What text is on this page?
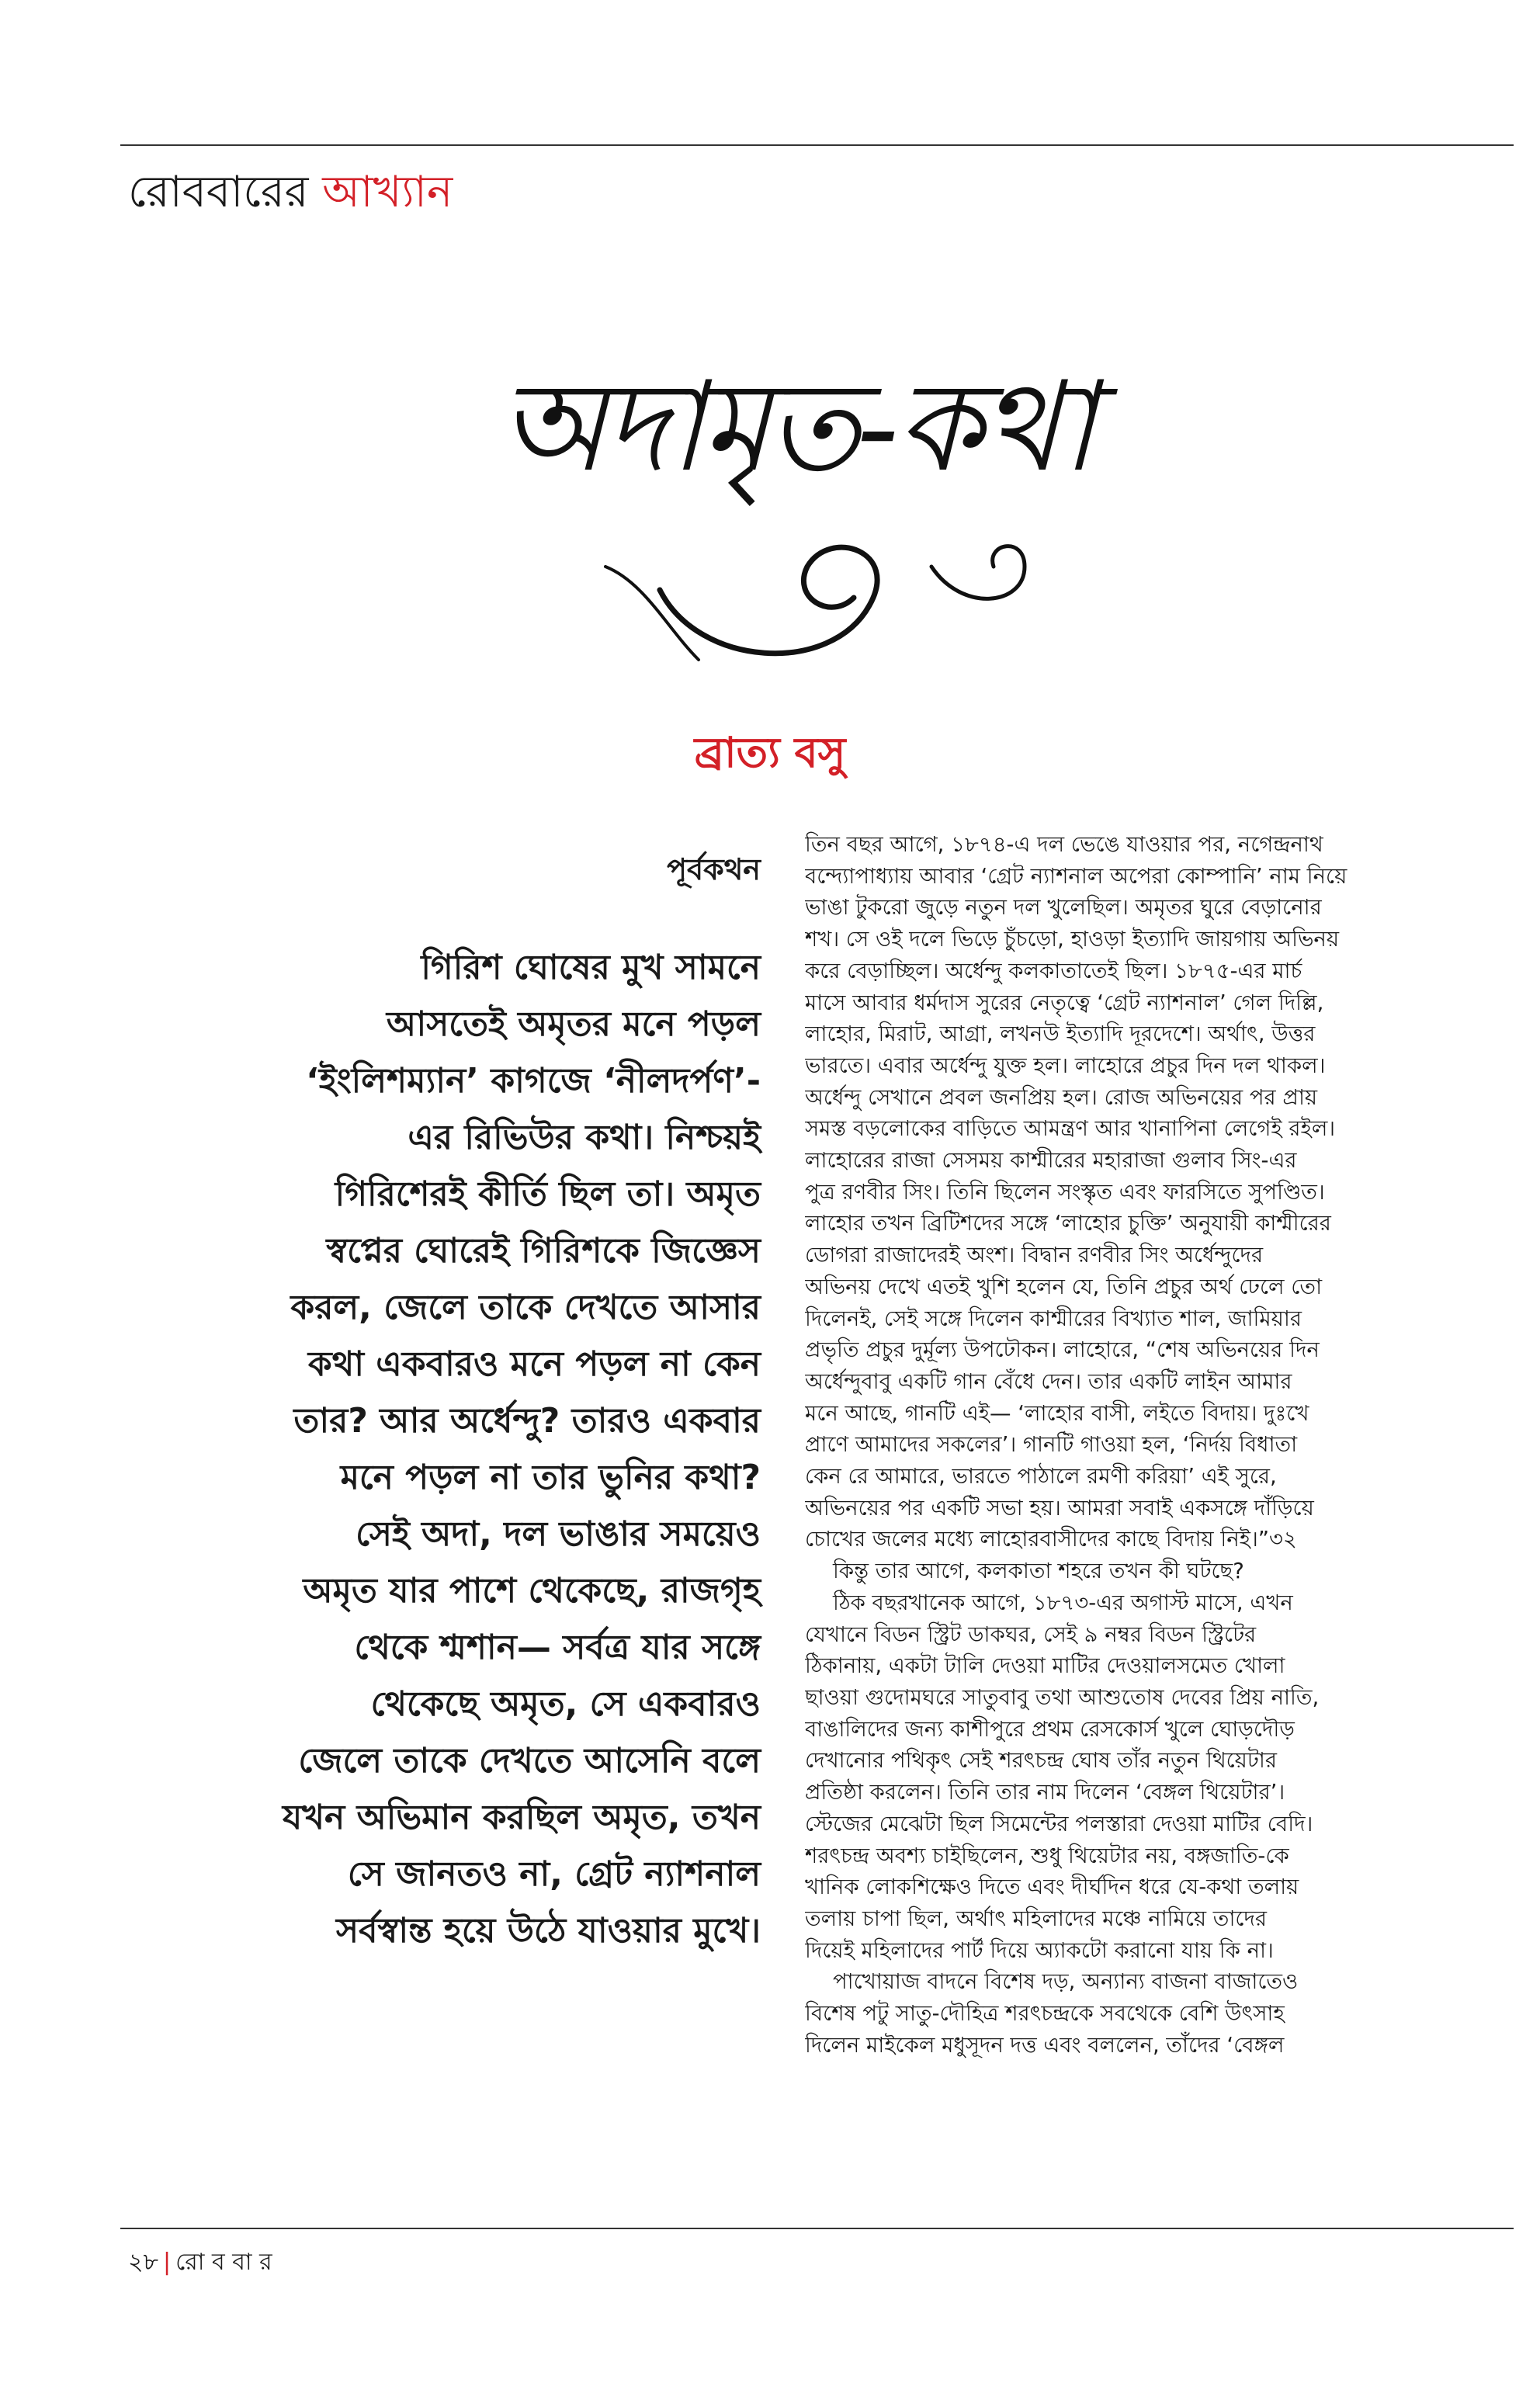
রোববারের আখ্যান
অদামৃত-কথা
ব্রাত্য বসু
পূর্বকথন
গিরিশ ঘোষের মুখ সামনে
আসতেই অমৃতর মনে পড়ল
‘ইংলিশম্যান’ কাগজে ‘নীলদর্পণ’-
এর রিভিউর কথা। নিশ্চয়ই
গিরিশেরই কীর্তি ছিল তা। অমৃত
স্বপ্নের ঘোরেই গিরিশকে জিজ্ঞেস
করল, জেলে তাকে দেখতে আসার
কথা একবারও মনে পড়ল না কেন
তার? আর অর্ধেন্দু? তারও একবার
মনে পড়ল না তার ভুনির কথা?
সেই অদা, দল ভাঙার সময়েও
অমৃত যার পাশে থেকেছে, রাজগৃহ
থেকে শ্মশান— সর্বত্র যার সঙ্গে
থেকেছে অমৃত, সে একবারও
জেলে তাকে দেখতে আসেনি বলে
যখন অভিমান করছিল অমৃত, তখন
সে জানতও না, গ্রেট ন্যাশনাল
সর্বস্বান্ত হয়ে উঠে যাওয়ার মুখে।
তিন বছর আগে, ১৮৭৪-এ দল ভেঙে যাওয়ার পর, নগেন্দ্রনাথ
বন্দ্যোপাধ্যায় আবার ‘গ্রেট ন্যাশনাল অপেরা কোম্পানি’ নাম নিয়ে
ভাঙা টুকরো জুড়ে নতুন দল খুলেছিল। অমৃতর ঘুরে বেড়ানোর
শখ। সে ওই দলে ভিড়ে চুঁচড়ো, হাওড়া ইত্যাদি জায়গায় অভিনয়
করে বেড়াচ্ছিল। অর্ধেন্দু কলকাতাতেই ছিল। ১৮৭৫-এর মার্চ
মাসে আবার ধর্মদাস সুরের নেতৃত্বে ‘গ্রেট ন্যাশনাল’ গেল দিল্লি,
লাহোর, মিরাট, আগ্রা, লখনউ ইত্যাদি দূরদেশে। অর্থাৎ, উত্তর
ভারতে। এবার অর্ধেন্দু যুক্ত হল। লাহোরে প্রচুর দিন দল থাকল।
অর্ধেন্দু সেখানে প্রবল জনপ্রিয় হল। রোজ অভিনয়ের পর প্রায়
সমস্ত বড়লোকের বাড়িতে আমন্ত্রণ আর খানাপিনা লেগেই রইল।
লাহোরের রাজা সেসময় কাশ্মীরের মহারাজা গুলাব সিং-এর
পুত্র রণবীর সিং। তিনি ছিলেন সংস্কৃত এবং ফারসিতে সুপণ্ডিত।
লাহোর তখন ব্রিটিশদের সঙ্গে ‘লাহোর চুক্তি’ অনুযায়ী কাশ্মীরের
ডোগরা রাজাদেরই অংশ। বিদ্বান রণবীর সিং অর্ধেন্দুদের
অভিনয় দেখে এতই খুশি হলেন যে, তিনি প্রচুর অর্থ ঢেলে তো
দিলেনই, সেই সঙ্গে দিলেন কাশ্মীরের বিখ্যাত শাল, জামিয়ার
প্রভৃতি প্রচুর দুর্মূল্য উপঢৌকন। লাহোরে, “শেষ অভিনয়ের দিন
অর্ধেন্দুবাবু একটি গান বেঁধে দেন। তার একটি লাইন আমার
মনে আছে, গানটি এই— ‘লাহোর বাসী, লইতে বিদায়। দুঃখে
প্রাণে আমাদের সকলের’। গানটি গাওয়া হল, ‘নির্দয় বিধাতা
কেন রে আমারে, ভারতে পাঠালে রমণী করিয়া’ এই সুরে,
অভিনয়ের পর একটি সভা হয়। আমরা সবাই একসঙ্গে দাঁড়িয়ে
চোখের জলের মধ্যে লাহোরবাসীদের কাছে বিদায় নিই।”৩২
কিন্তু তার আগে, কলকাতা শহরে তখন কী ঘটছে?
ঠিক বছরখানেক আগে, ১৮৭৩-এর অগাস্ট মাসে, এখন
যেখানে বিডন স্ট্রিট ডাকঘর, সেই ৯ নম্বর বিডন স্ট্রিটের
ঠিকানায়, একটা টালি দেওয়া মাটির দেওয়ালসমেত খোলা
ছাওয়া গুদোমঘরে সাতুবাবু তথা আশুতোষ দেবের প্রিয় নাতি,
বাঙালিদের জন্য কাশীপুরে প্রথম রেসকোর্স খুলে ঘোড়দৌড়
দেখানোর পথিকৃৎ সেই শরৎচন্দ্র ঘোষ তাঁর নতুন থিয়েটার
প্রতিষ্ঠা করলেন। তিনি তার নাম দিলেন ‘বেঙ্গল থিয়েটার’।
স্টেজের মেঝেটা ছিল সিমেন্টের পলস্তারা দেওয়া মাটির বেদি।
শরৎচন্দ্র অবশ্য চাইছিলেন, শুধু থিয়েটার নয়, বঙ্গজাতি-কে
খানিক লোকশিক্ষেও দিতে এবং দীর্ঘদিন ধরে যে-কথা তলায়
তলায় চাপা ছিল, অর্থাৎ মহিলাদের মঞ্চে নামিয়ে তাদের
দিয়েই মহিলাদের পার্ট দিয়ে অ্যাকটো করানো যায় কি না।
পাখোয়াজ বাদনে বিশেষ দড়, অন্যান্য বাজনা বাজাতেও
বিশেষ পটু সাতু-দৌহিত্র শরৎচন্দ্রকে সবথেকে বেশি উৎসাহ
দিলেন মাইকেল মধুসূদন দত্ত এবং বললেন, তাঁদের ‘বেঙ্গল
২৮ | রো ব বা র
